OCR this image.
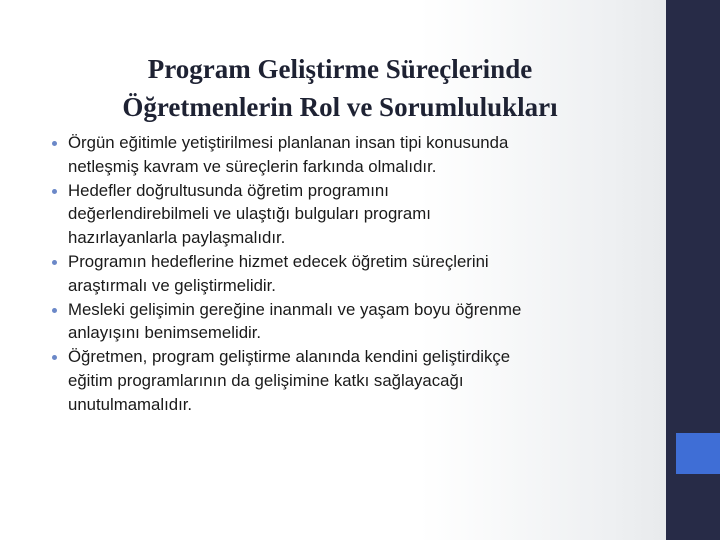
Program Geliştirme Süreçlerinde
Öğretmenlerin Rol ve Sorumlulukları
Örgün eğitimle yetiştirilmesi planlanan insan tipi konusunda
netleşmiş kavram ve süreçlerin farkında olmalıdır.
Hedefler doğrultusunda öğretim programını
değerlendirebilmeli ve ulaştığı bulguları programı
hazırlayanlarla paylaşmalıdır.
Programın hedeflerine hizmet edecek öğretim süreçlerini
araştırmalı ve geliştirmelidir.
Mesleki gelişimin gereğine inanmalı ve yaşam boyu öğrenme
anlayışını benimsemelidir.
Öğretmen, program geliştirme alanında kendini geliştirdikçe
eğitim programlarının da gelişimine katkı sağlayacağı
unutulmamalıdır.
